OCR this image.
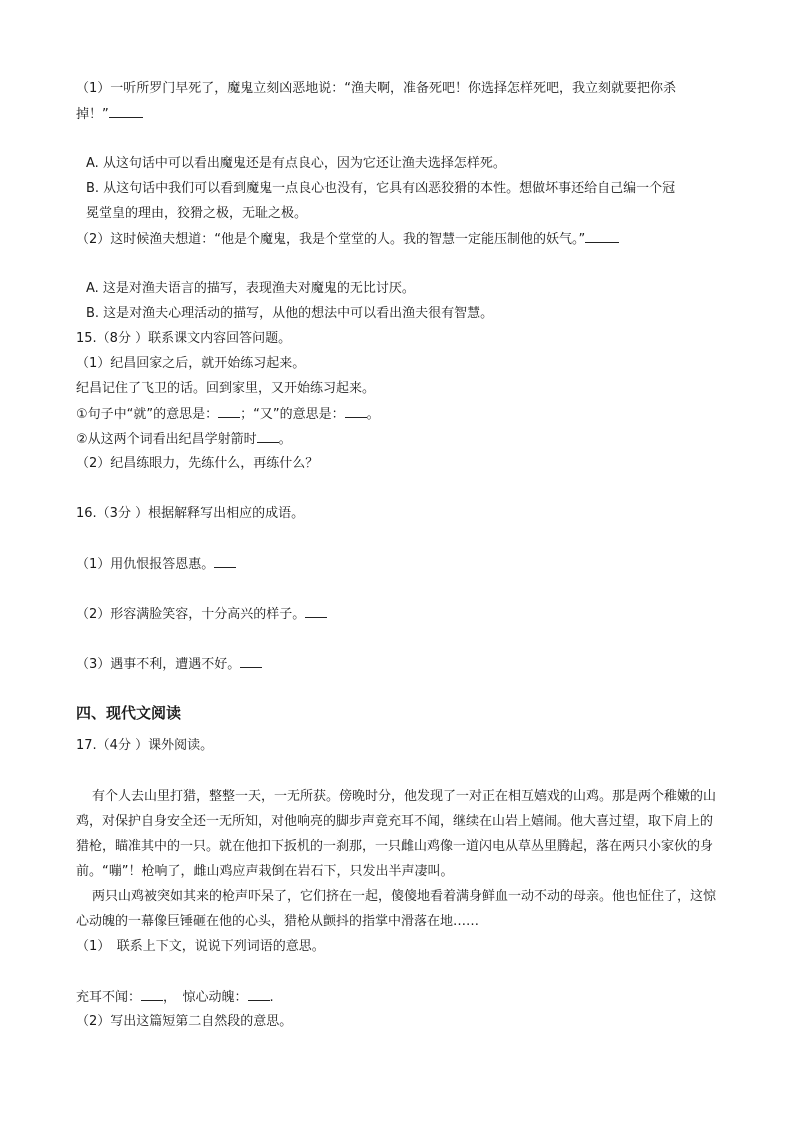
（1）一听所罗门早死了，魔鬼立刻凶恶地说：“渔夫啊，准备死吧！你选择怎样死吧，我立刻就要把你杀
掉！”
A. 从这句话中可以看出魔鬼还是有点良心，因为它还让渔夫选择怎样死。
B. 从这句话中我们可以看到魔鬼一点良心也没有，它具有凶恶狡猾的本性。想做坏事还给自己编一个冠
冕堂皇的理由，狡猾之极，无耻之极。
（2）这时候渔夫想道：“他是个魔鬼，我是个堂堂的人。我的智慧一定能压制他的妖气。”
A. 这是对渔夫语言的描写，表现渔夫对魔鬼的无比讨厌。
B. 这是对渔夫心理活动的描写，从他的想法中可以看出渔夫很有智慧。
15.（8分 ）联系课文内容回答问题。
（1）纪昌回家之后，就开始练习起来。
纪昌记住了飞卫的话。回到家里，又开始练习起来。
①句子中“就”的意思是： ；“又”的意思是： 。
②从这两个词看出纪昌学射箭时 。
（2）纪昌练眼力，先练什么，再练什么？
16.（3分 ）根据解释写出相应的成语。
（1）用仇恨报答恩惠。
（2）形容满脸笑容，十分高兴的样子。
（3）遇事不利，遭遇不好。
四、现代文阅读
17.（4分 ）课外阅读。
有个人去山里打猎，整整一天，一无所获。傍晚时分，他发现了一对正在相互嬉戏的山鸡。那是两个稚嫩的山鸡，对保护自身安全还一无所知，对他响亮的脚步声竟充耳不闻，继续在山岩上嬉闹。他大喜过望，取下肩上的猎枪，瞄准其中的一只。就在他扣下扳机的一刹那，一只雌山鸡像一道闪电从草丛里腾起，落在两只小家伙的身前。“嘣”！枪响了，雌山鸡应声栽倒在岩石下，只发出半声凄叫。
两只山鸡被突如其来的枪声吓呆了，它们挤在一起，傻傻地看着满身鲜血一动不动的母亲。他也怔住了，这惊心动魄的一幕像巨锤砸在他的心头，猎枪从颤抖的指掌中滑落在地……
（1）　联系上下文，说说下列词语的意思。
充耳不闻： ，　惊心动魄： .
（2）写出这篇短第二自然段的意思。
